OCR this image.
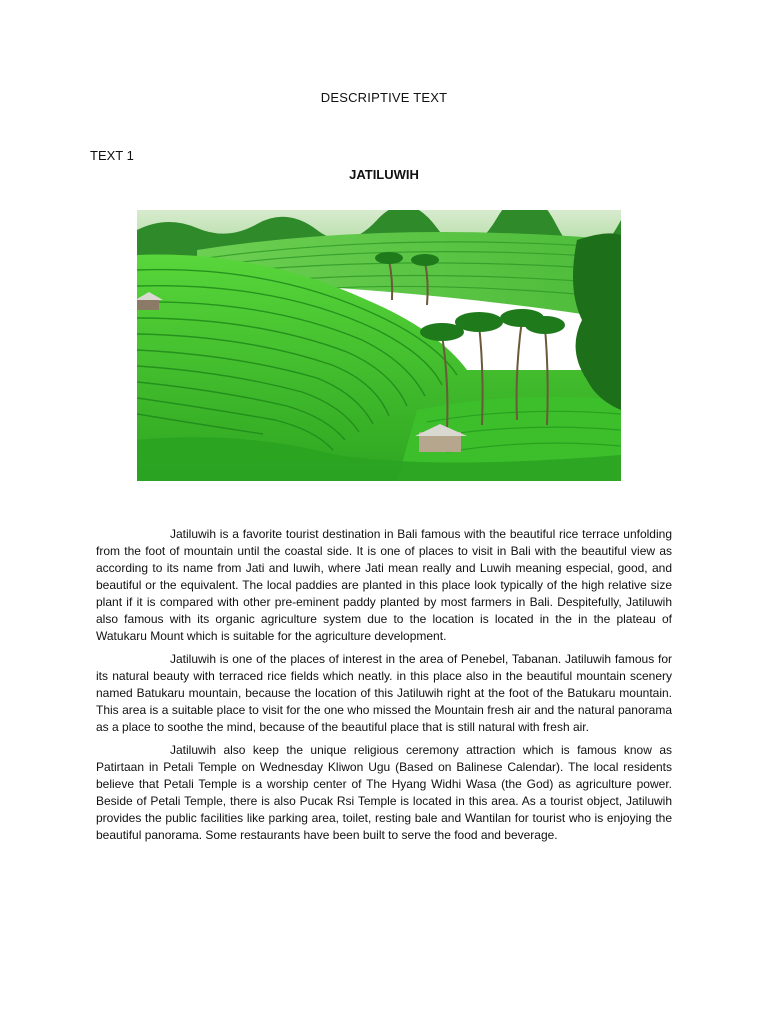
DESCRIPTIVE TEXT
TEXT 1
JATILUWIH

Jatiluwih is a favorite tourist destination in Bali famous with the beautiful rice terrace unfolding from the foot of mountain until the coastal side. It is one of places to visit in Bali with the beautiful view as according to its name from Jati and luwih, where Jati mean really and Luwih meaning especial, good, and beautiful or the equivalent. The local paddies are planted in this place look typically of the high relative size plant if it is compared with other pre-eminent paddy planted by most farmers in Bali. Despitefully, Jatiluwih also famous with its organic agriculture system due to the location is located in the in the plateau of Watukaru Mount which is suitable for the agriculture development.

Jatiluwih is one of the places of interest in the area of Penebel, Tabanan. Jatiluwih famous for its natural beauty with terraced rice fields which neatly. in this place also in the beautiful mountain scenery named Batukaru mountain, because the location of this Jatiluwih right at the foot of the Batukaru mountain. This area is a suitable place to visit for the one who missed the Mountain fresh air and the natural panorama as a place to soothe the mind, because of the beautiful place that is still natural with fresh air.

Jatiluwih also keep the unique religious ceremony attraction which is famous know as Patirtaan in Petali Temple on Wednesday Kliwon Ugu (Based on Balinese Calendar). The local residents believe that Petali Temple is a worship center of The Hyang Widhi Wasa (the God) as agriculture power. Beside of Petali Temple, there is also Pucak Rsi Temple is located in this area. As a tourist object, Jatiluwih provides the public facilities like parking area, toilet, resting bale and Wantilan for tourist who is enjoying the beautiful panorama. Some restaurants have been built to serve the food and beverage.
